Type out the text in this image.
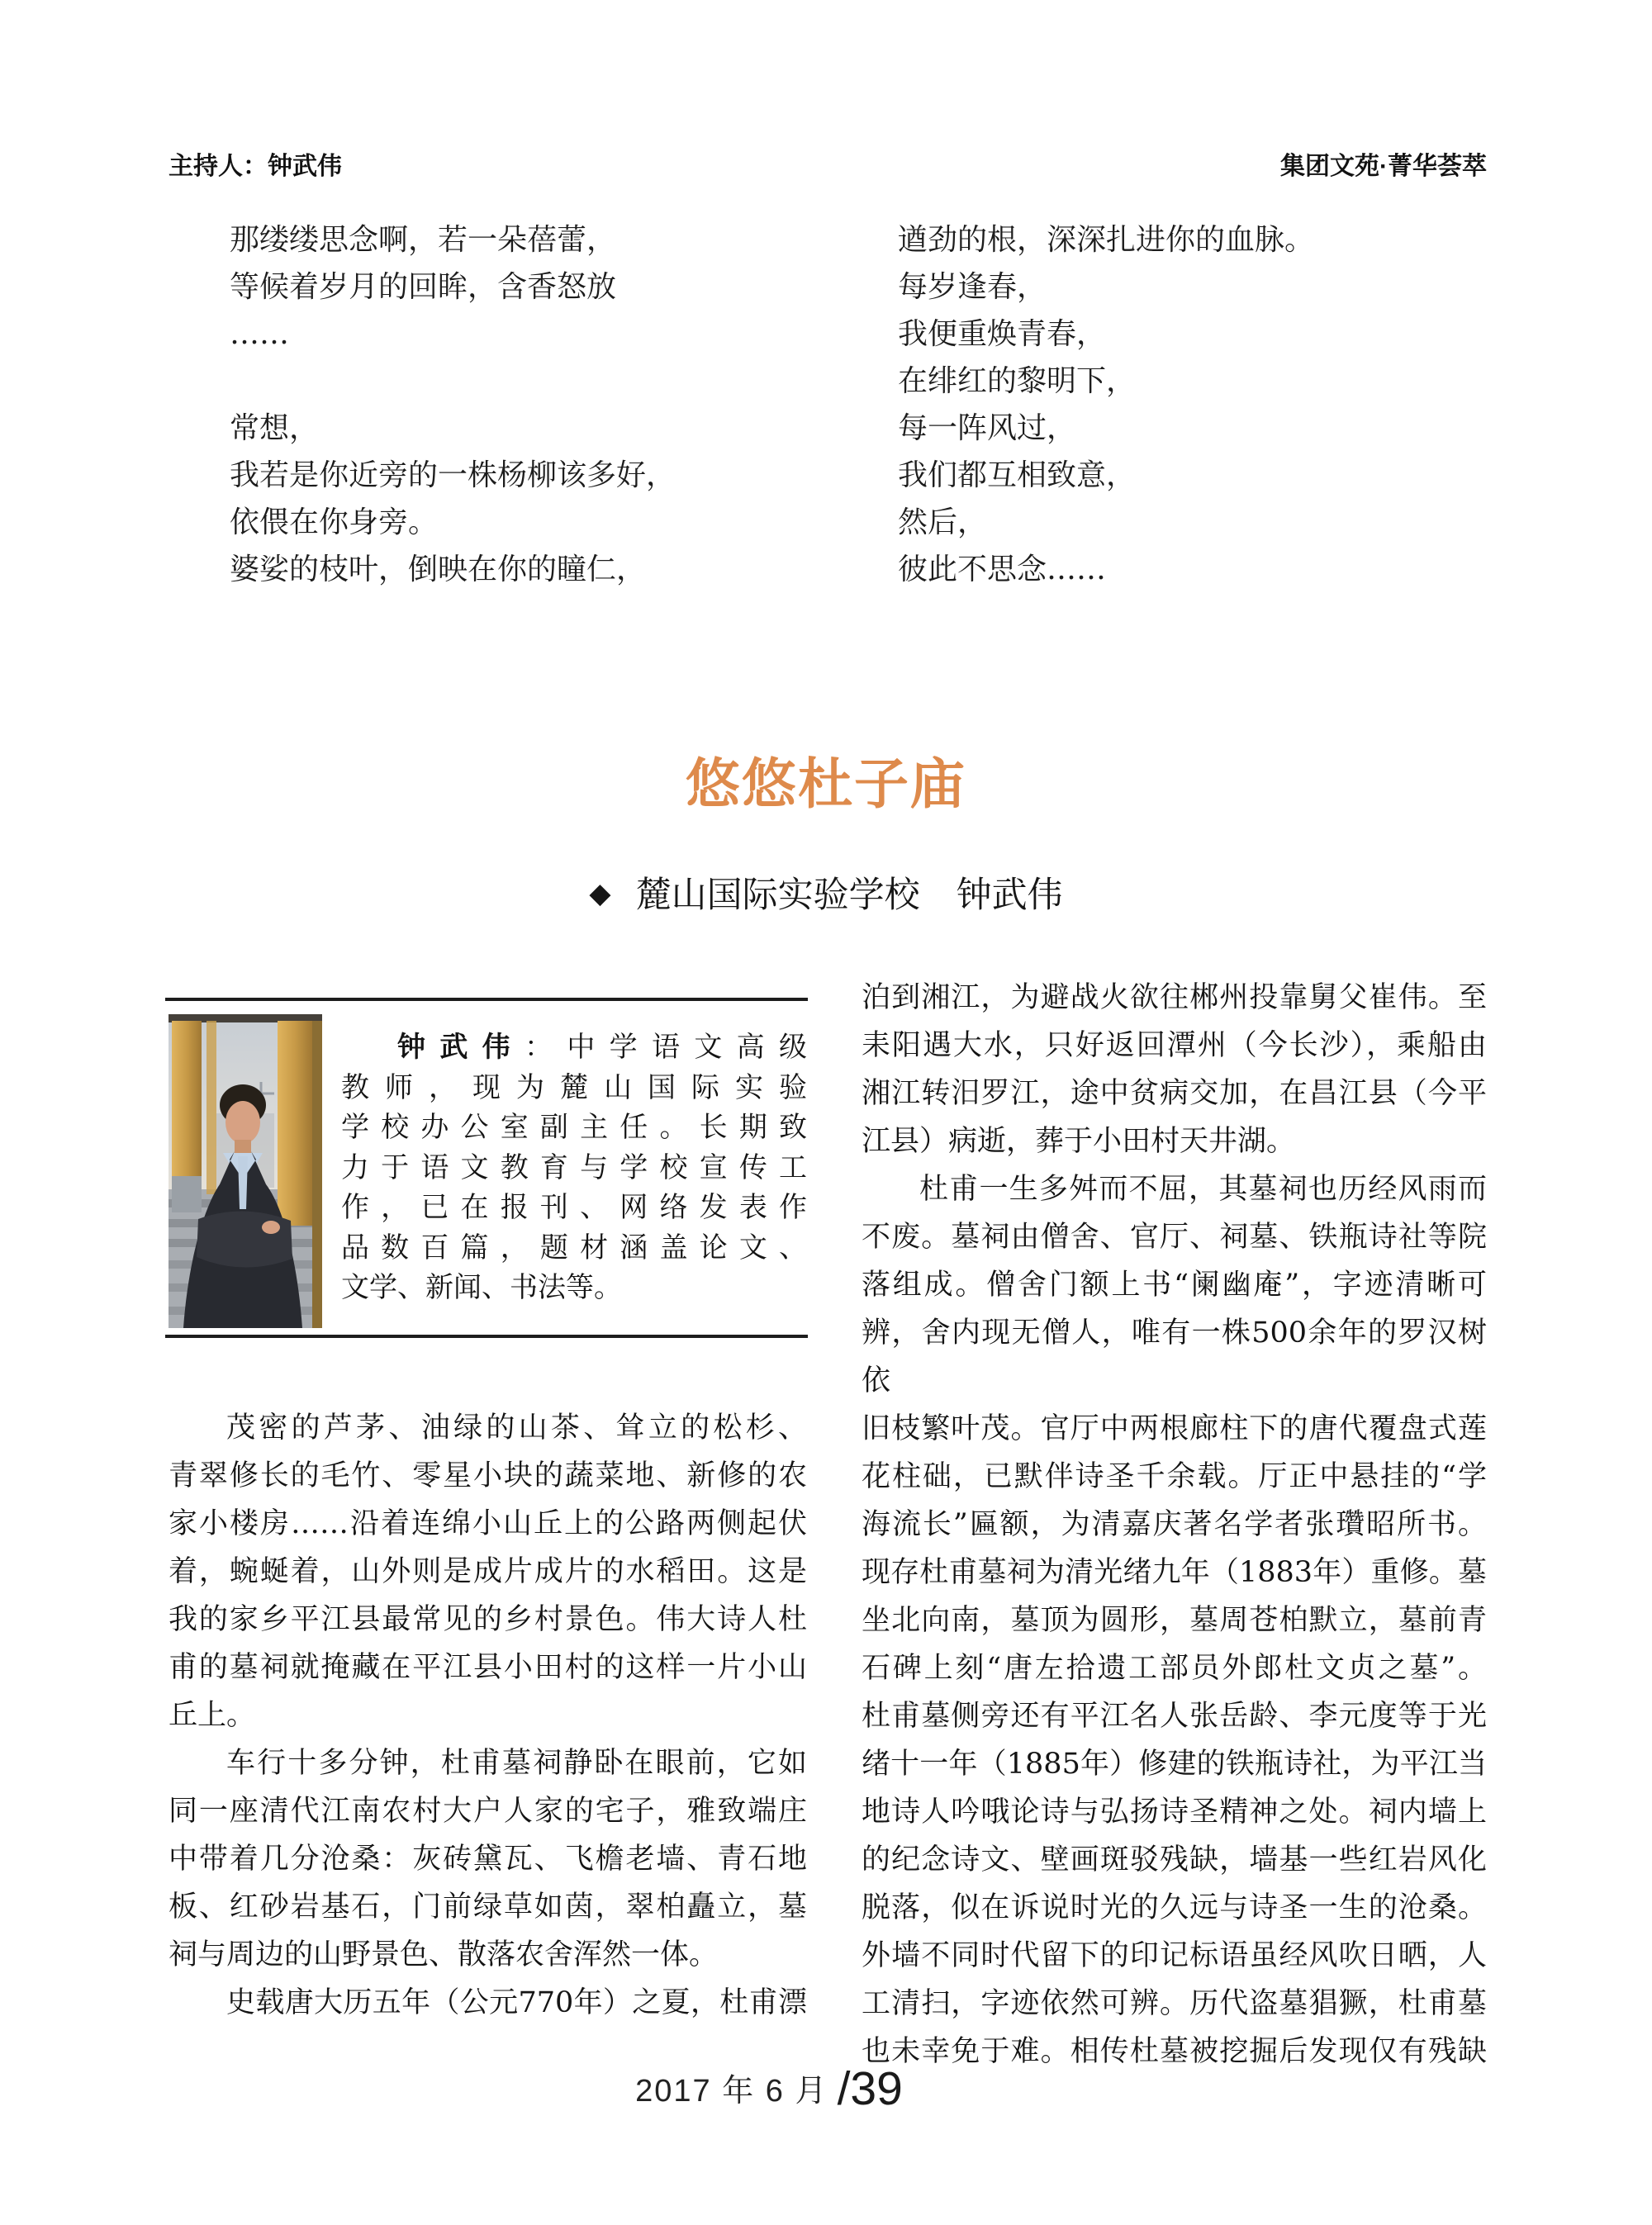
主持人：钟武伟	集团文苑·菁华荟萃
那缕缕思念啊，若一朵蓓蕾，
等候着岁月的回眸，含香怒放
……

常想，
我若是你近旁的一株杨柳该多好，
依偎在你身旁。
婆娑的枝叶，倒映在你的瞳仁，
遒劲的根，深深扎进你的血脉。
每岁逢春，
我便重焕青春，
在绯红的黎明下，
每一阵风过，
我们都互相致意，
然后，
彼此不思念……
悠悠杜子庙
◆ 麓山国际实验学校 钟武伟
钟武伟：中学语文高级
教师，现为麓山国际实验
学校办公室副主任。长期致
力于语文教育与学校宣传工
作，已在报刊、网络发表作
品数百篇，题材涵盖论文、
文学、新闻、书法等。
茂密的芦茅、油绿的山茶、耸立的松杉、
青翠修长的毛竹、零星小块的蔬菜地、新修的农
家小楼房……沿着连绵小山丘上的公路两侧起伏
着，蜿蜒着，山外则是成片成片的水稻田。这是
我的家乡平江县最常见的乡村景色。伟大诗人杜
甫的墓祠就掩藏在平江县小田村的这样一片小山
丘上。
车行十多分钟，杜甫墓祠静卧在眼前，它如
同一座清代江南农村大户人家的宅子，雅致端庄
中带着几分沧桑：灰砖黛瓦、飞檐老墙、青石地
板、红砂岩基石，门前绿草如茵，翠柏矗立，墓
祠与周边的山野景色、散落农舍浑然一体。
史载唐大历五年（公元770年）之夏，杜甫漂
泊到湘江，为避战火欲往郴州投靠舅父崔伟。至
耒阳遇大水，只好返回潭州（今长沙），乘船由
湘江转汨罗江，途中贫病交加，在昌江县（今平
江县）病逝，葬于小田村天井湖。
杜甫一生多舛而不屈，其墓祠也历经风雨而
不废。墓祠由僧舍、官厅、祠墓、铁瓶诗社等院
落组成。僧舍门额上书“阑幽庵”，字迹清晰可
辨，舍内现无僧人，唯有一株500余年的罗汉树依
旧枝繁叶茂。官厅中两根廊柱下的唐代覆盘式莲
花柱础，已默伴诗圣千余载。厅正中悬挂的“学
海流长”匾额，为清嘉庆著名学者张瓚昭所书。
现存杜甫墓祠为清光绪九年（1883年）重修。墓
坐北向南，墓顶为圆形，墓周苍柏默立，墓前青
石碑上刻“唐左拾遗工部员外郎杜文贞之墓”。
杜甫墓侧旁还有平江名人张岳龄、李元度等于光
绪十一年（1885年）修建的铁瓶诗社，为平江当
地诗人吟哦论诗与弘扬诗圣精神之处。祠内墙上
的纪念诗文、壁画斑驳残缺，墙基一些红岩风化
脱落，似在诉说时光的久远与诗圣一生的沧桑。
外墙不同时代留下的印记标语虽经风吹日晒，人
工清扫，字迹依然可辨。历代盗墓猖獗，杜甫墓
也未幸免于难。相传杜墓被挖掘后发现仅有残缺
2017 年 6 月 /39
